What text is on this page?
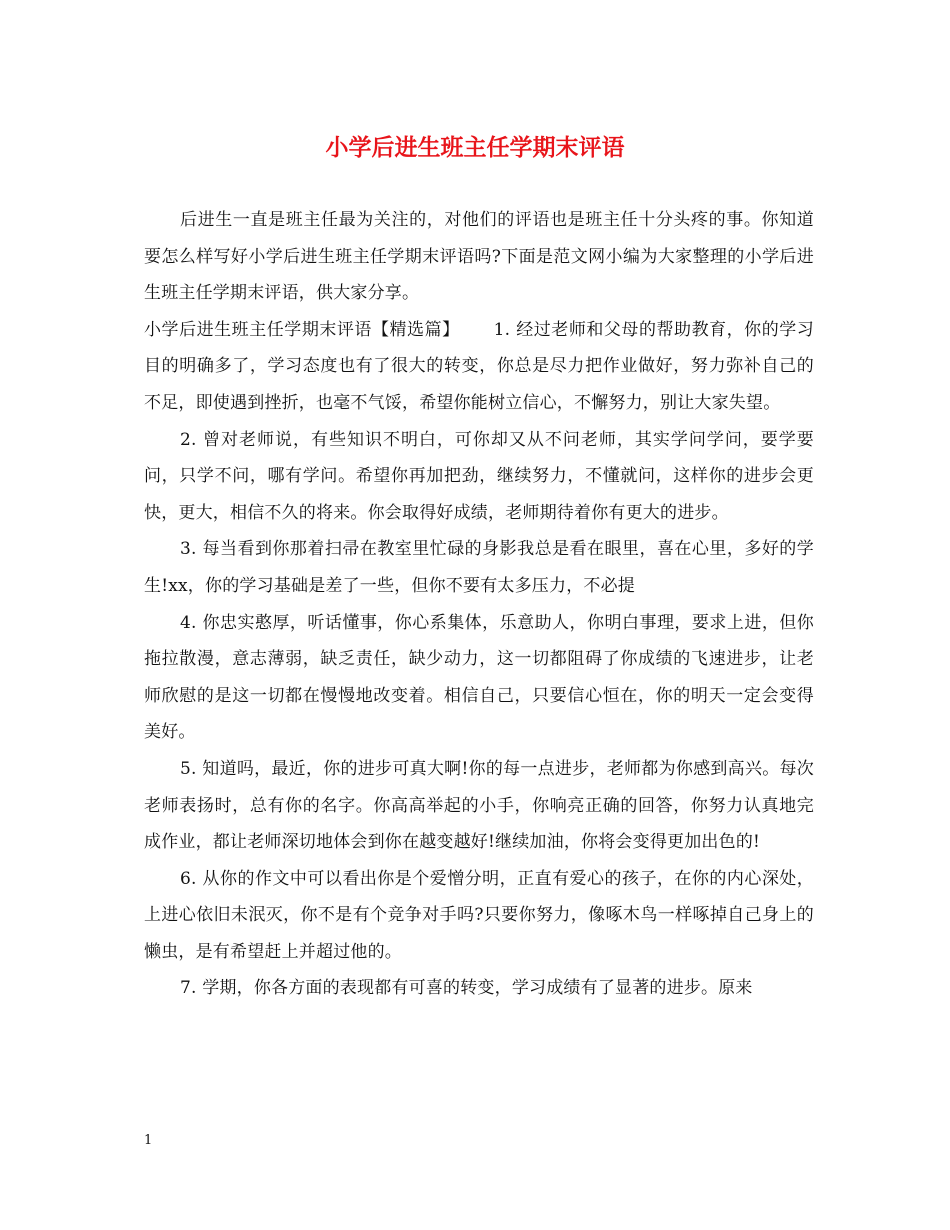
小学后进生班主任学期末评语

后进生一直是班主任最为关注的，对他们的评语也是班主任十分头疼的事。你知道要怎么样写好小学后进生班主任学期末评语吗?下面是范文网小编为大家整理的小学后进生班主任学期末评语，供大家分享。

小学后进生班主任学期末评语【精选篇】 1. 经过老师和父母的帮助教育，你的学习目的明确多了，学习态度也有了很大的转变，你总是尽力把作业做好，努力弥补自己的不足，即使遇到挫折，也毫不气馁，希望你能树立信心，不懈努力，别让大家失望。

2. 曾对老师说，有些知识不明白，可你却又从不问老师，其实学问学问，要学要问，只学不问，哪有学问。希望你再加把劲，继续努力，不懂就问，这样你的进步会更快，更大，相信不久的将来。你会取得好成绩，老师期待着你有更大的进步。

3. 每当看到你那着扫帚在教室里忙碌的身影我总是看在眼里，喜在心里，多好的学生!xx，你的学习基础是差了一些，但你不要有太多压力，不必提

4. 你忠实憨厚，听话懂事，你心系集体，乐意助人，你明白事理，要求上进，但你拖拉散漫，意志薄弱，缺乏责任，缺少动力，这一切都阻碍了你成绩的飞速进步，让老师欣慰的是这一切都在慢慢地改变着。相信自己，只要信心恒在，你的明天一定会变得美好。

5. 知道吗，最近，你的进步可真大啊!你的每一点进步，老师都为你感到高兴。每次老师表扬时，总有你的名字。你高高举起的小手，你响亮正确的回答，你努力认真地完成作业，都让老师深切地体会到你在越变越好!继续加油，你将会变得更加出色的!

6. 从你的作文中可以看出你是个爱憎分明，正直有爱心的孩子，在你的内心深处，上进心依旧未泯灭，你不是有个竞争对手吗?只要你努力，像啄木鸟一样啄掉自己身上的懒虫，是有希望赶上并超过他的。

7. 学期，你各方面的表现都有可喜的转变，学习成绩有了显著的进步。原来

1
